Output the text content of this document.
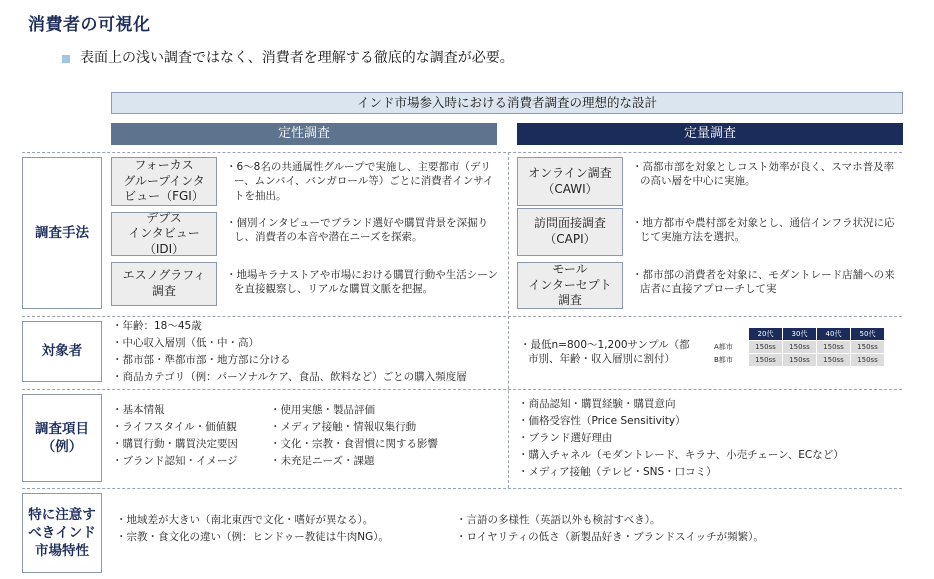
消費者の可視化
表面上の浅い調査ではなく、消費者を理解する徹底的な調査が必要。
インド市場参入時における消費者調査の理想的な設計
定性調査	定量調査
調査手法
対象者
調査項目
（例）
特に注意す
べきインド
市場特性
フォーカス
グループインタ
ビュー（FGI）
・6～8名の共通属性グループで実施し、主要都市（デリー、ムンバイ、バンガロール等）ごとに消費者インサイトを抽出。
デプス
インタビュー（IDI）
・個別インタビューでブランド選好や購買背景を深掘りし、消費者の本音や潜在ニーズを探索。
エスノグラフィ
調査
・地場キラナストアや市場における購買行動や生活シーンを直接観察し、リアルな購買文脈を把握。
オンライン調査
（CAWI）
・高都市部を対象としコスト効率が良く、スマホ普及率の高い層を中心に実施。
訪問面接調査
（CAPI）
・地方都市や農村部を対象とし、通信インフラ状況に応じて実施方法を選択。
モール
インターセプト
調査
・都市部の消費者を対象に、モダントレード店舗への来店者に直接アプローチして実
・年齢：18～45歳
・中心収入層別（低・中・高）
・都市部・準都市部・地方部に分ける
・商品カテゴリ（例：パーソナルケア、食品、飲料など）ごとの購入頻度層
・最低n=800～1,200サンプル（都市別、年齢・収入層別に割付）
	20代	30代	40代	50代
A都市	150ss	150ss	150ss	150ss
B都市	150ss	150ss	150ss	150ss
・基本情報
・ライフスタイル・価値観
・購買行動・購買決定要因
・ブランド認知・イメージ
・使用実態・製品評価
・メディア接触・情報収集行動
・文化・宗教・食習慣に関する影響
・未充足ニーズ・課題
・商品認知・購買経験・購買意向
・価格受容性（Price Sensitivity）
・ブランド選好理由
・購入チャネル（モダントレード、キラナ、小売チェーン、ECなど）
・メディア接触（テレビ・SNS・口コミ）
・地域差が大きい（南北東西で文化・嗜好が異なる）。
・宗教・食文化の違い（例：ヒンドゥー教徒は牛肉NG）。
・言語の多様性（英語以外も検討すべき）。
・ロイヤリティの低さ（新製品好き・ブランドスイッチが頻繁）。
